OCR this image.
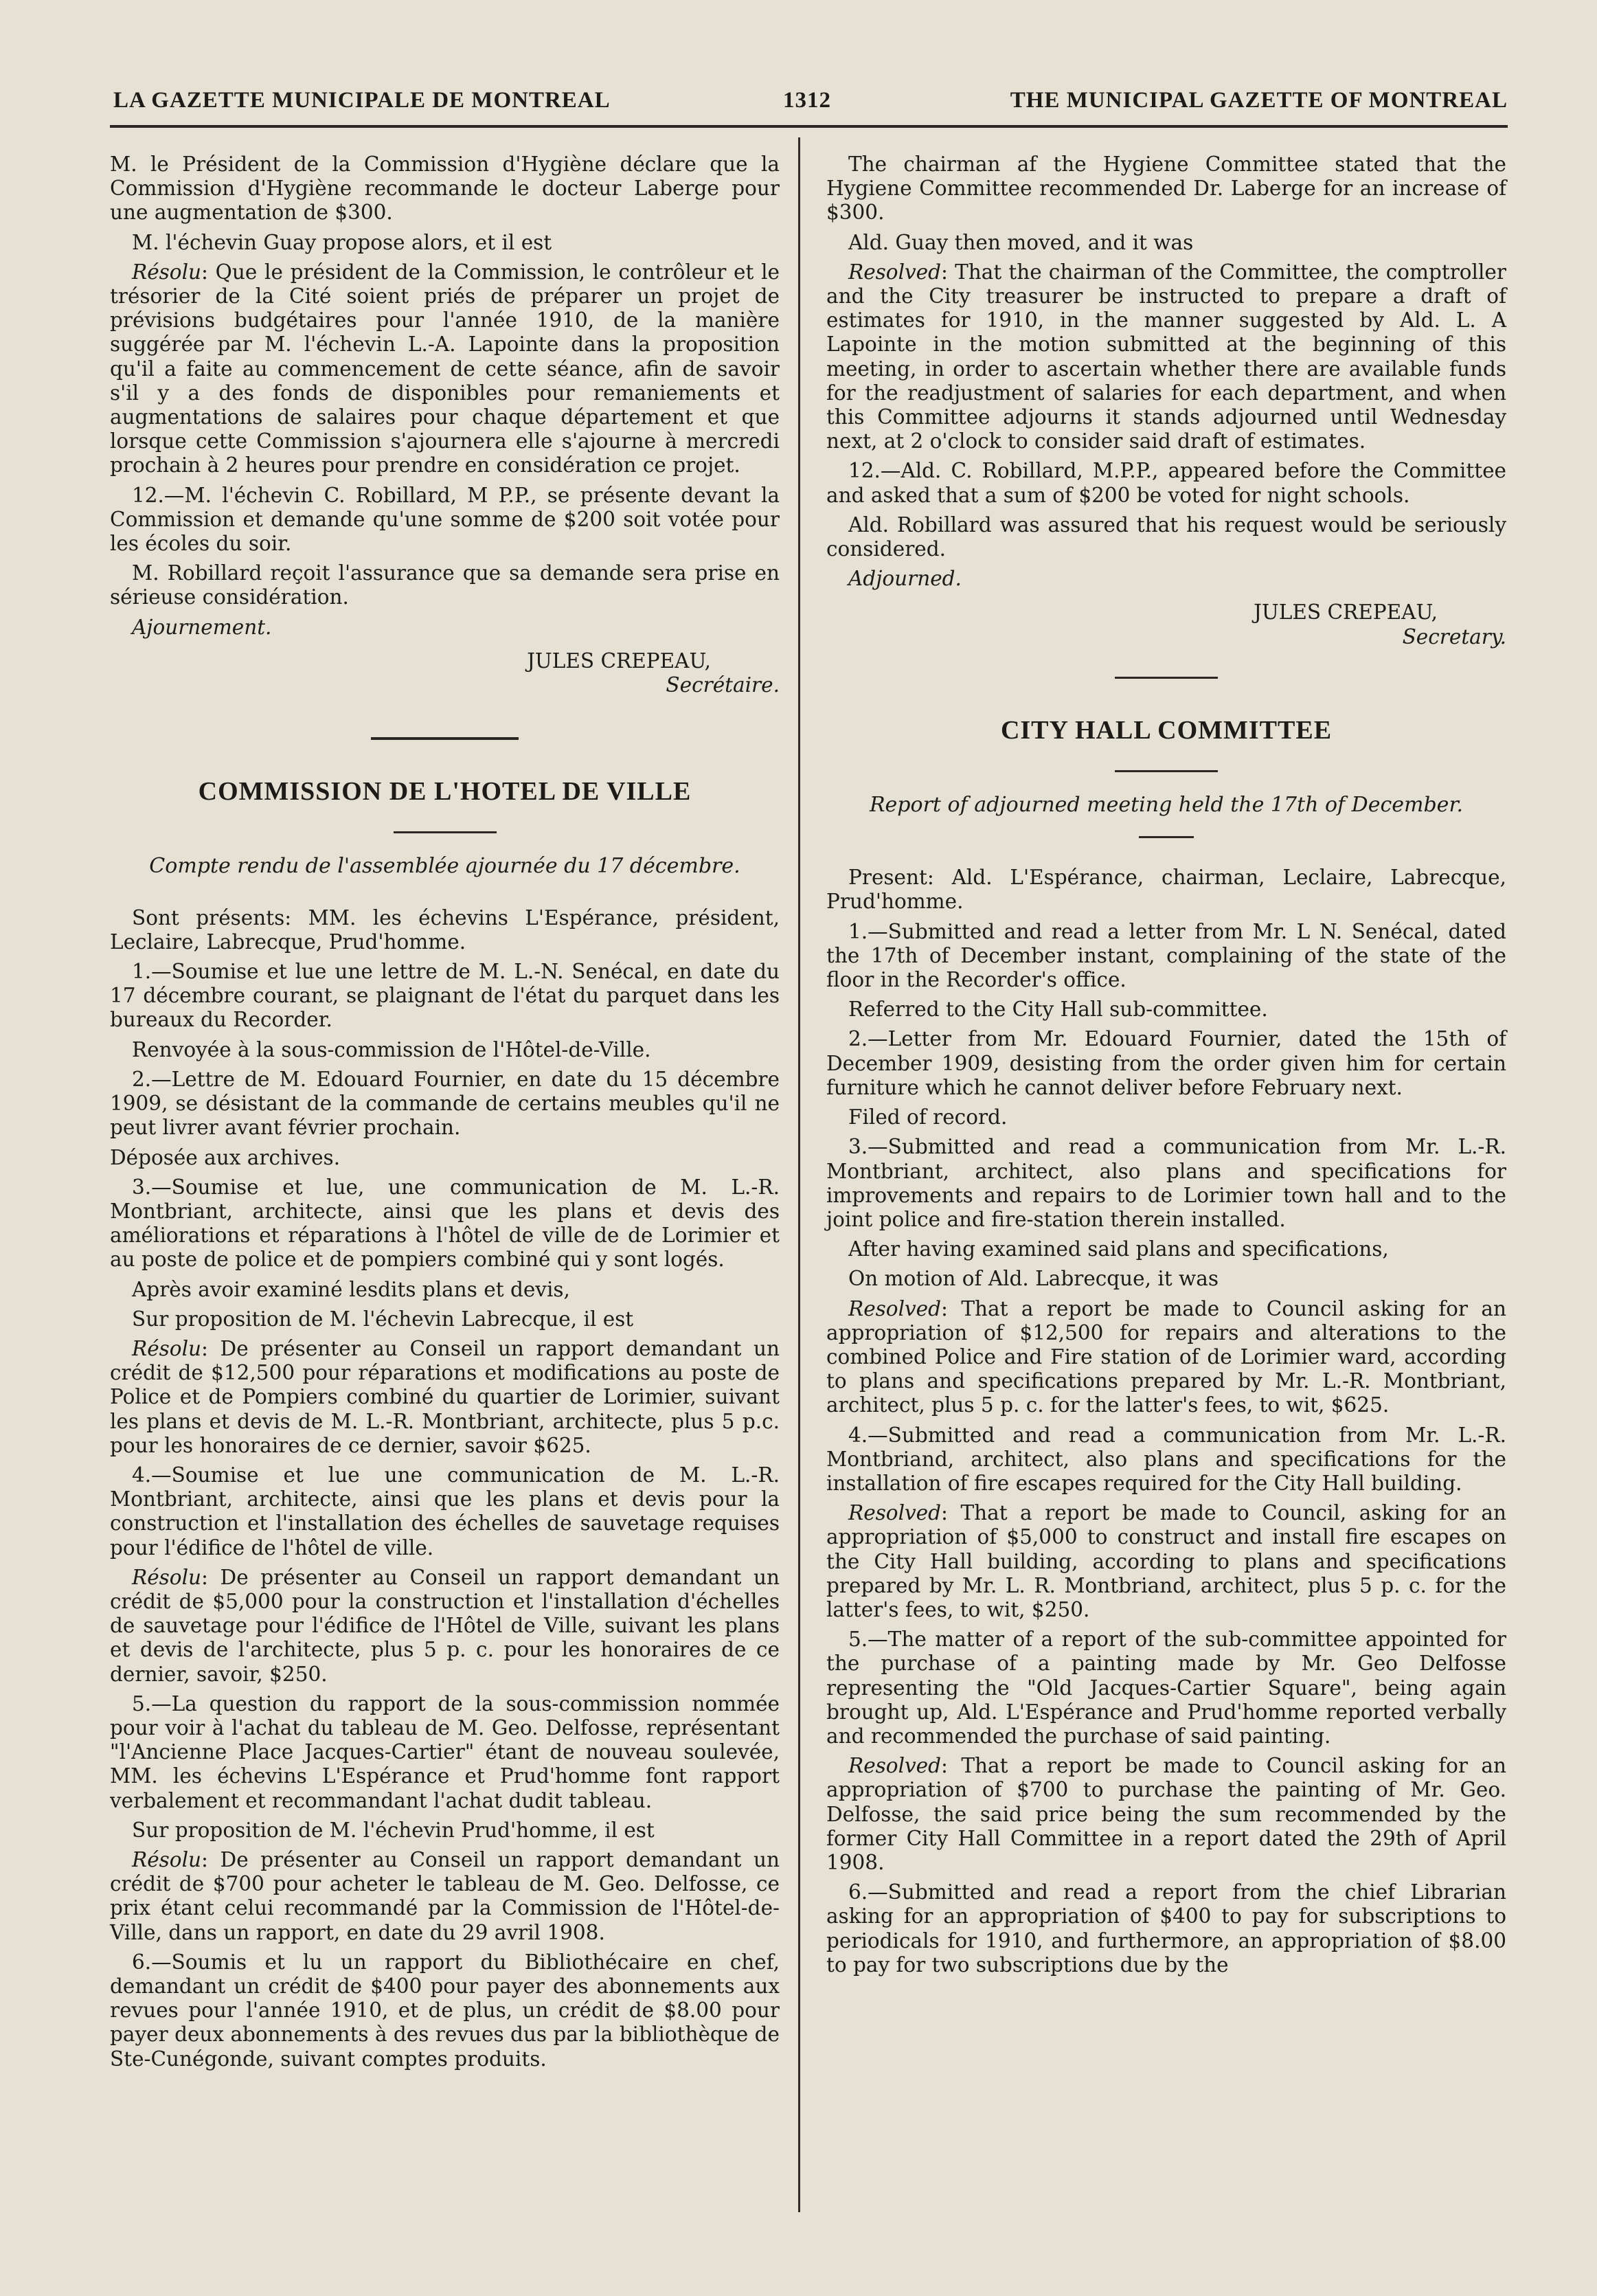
LA GAZETTE MUNICIPALE DE MONTREAL	1312	THE MUNICIPAL GAZETTE OF MONTREAL

M. le Président de la Commission d'Hygiène déclare que la Commission d'Hygiène recommande le docteur Laberge pour une augmentation de $300.

M. l'échevin Guay propose alors, et il est

Résolu: Que le président de la Commission, le contrôleur et le trésorier de la Cité soient priés de préparer un projet de prévisions budgétaires pour l'année 1910, de la manière suggérée par M. l'échevin L.-A. Lapointe dans la proposition qu'il a faite au commencement de cette séance, afin de savoir s'il y a des fonds de disponibles pour remaniements et augmentations de salaires pour chaque département et que lorsque cette Commission s'ajournera elle s'ajourne à mercredi prochain à 2 heures pour prendre en considération ce projet.

12.—M. l'échevin C. Robillard, M P.P., se présente devant la Commission et demande qu'une somme de $200 soit votée pour les écoles du soir.

M. Robillard reçoit l'assurance que sa demande sera prise en sérieuse considération.

Ajournement.
JULES CREPEAU,
Secrétaire.
COMMISSION DE L'HOTEL DE VILLE
Compte rendu de l'assemblée ajournée du 17 décembre.

Sont présents: MM. les échevins L'Espérance, président, Leclaire, Labrecque, Prud'homme.

1.—Soumise et lue une lettre de M. L.-N. Senécal, en date du 17 décembre courant, se plaignant de l'état du parquet dans les bureaux du Recorder.

Renvoyée à la sous-commission de l'Hôtel-de-Ville.

2.—Lettre de M. Edouard Fournier, en date du 15 décembre 1909, se désistant de la commande de certains meubles qu'il ne peut livrer avant février prochain.

Déposée aux archives.

3.—Soumise et lue, une communication de M. L.-R. Montbriant, architecte, ainsi que les plans et devis des améliorations et réparations à l'hôtel de ville de de Lorimier et au poste de police et de pompiers combiné qui y sont logés.

Après avoir examiné lesdits plans et devis,

Sur proposition de M. l'échevin Labrecque, il est

Résolu: De présenter au Conseil un rapport demandant un crédit de $12,500 pour réparations et modifications au poste de Police et de Pompiers combiné du quartier de Lorimier, suivant les plans et devis de M. L.-R. Montbriant, architecte, plus 5 p.c. pour les honoraires de ce dernier, savoir $625.

4.—Soumise et lue une communication de M. L.-R. Montbriant, architecte, ainsi que les plans et devis pour la construction et l'installation des échelles de sauvetage requises pour l'édifice de l'hôtel de ville.

Résolu: De présenter au Conseil un rapport demandant un crédit de $5,000 pour la construction et l'installation d'échelles de sauvetage pour l'édifice de l'Hôtel de Ville, suivant les plans et devis de l'architecte, plus 5 p. c. pour les honoraires de ce dernier, savoir, $250.

5.—La question du rapport de la sous-commission nommée pour voir à l'achat du tableau de M. Geo. Delfosse, représentant "l'Ancienne Place Jacques-Cartier" étant de nouveau soulevée, MM. les échevins L'Espérance et Prud'homme font rapport verbalement et recommandant l'achat dudit tableau.

Sur proposition de M. l'échevin Prud'homme, il est

Résolu: De présenter au Conseil un rapport demandant un crédit de $700 pour acheter le tableau de M. Geo. Delfosse, ce prix étant celui recommandé par la Commission de l'Hôtel-de-Ville, dans un rapport, en date du 29 avril 1908.

6.—Soumis et lu un rapport du Bibliothécaire en chef, demandant un crédit de $400 pour payer des abonnements aux revues pour l'année 1910, et de plus, un crédit de $8.00 pour payer deux abonnements à des revues dus par la bibliothèque de Ste-Cunégonde, suivant comptes produits.

The chairman af the Hygiene Committee stated that the Hygiene Committee recommended Dr. Laberge for an increase of $300.

Ald. Guay then moved, and it was

Resolved: That the chairman of the Committee, the comptroller and the City treasurer be instructed to prepare a draft of estimates for 1910, in the manner suggested by Ald. L. A Lapointe in the motion submitted at the beginning of this meeting, in order to ascertain whether there are available funds for the readjustment of salaries for each department, and when this Committee adjourns it stands adjourned until Wednesday next, at 2 o'clock to consider said draft of estimates.

12.—Ald. C. Robillard, M.P.P., appeared before the Committee and asked that a sum of $200 be voted for night schools.

Ald. Robillard was assured that his request would be seriously considered.

Adjourned.
JULES CREPEAU,
Secretary.
CITY HALL COMMITTEE
Report of adjourned meeting held the 17th of December.

Present: Ald. L'Espérance, chairman, Leclaire, Labrecque, Prud'homme.

1.—Submitted and read a letter from Mr. L N. Senécal, dated the 17th of December instant, complaining of the state of the floor in the Recorder's office.

Referred to the City Hall sub-committee.

2.—Letter from Mr. Edouard Fournier, dated the 15th of December 1909, desisting from the order given him for certain furniture which he cannot deliver before February next.

Filed of record.

3.—Submitted and read a communication from Mr. L.-R. Montbriant, architect, also plans and specifications for improvements and repairs to de Lorimier town hall and to the joint police and fire-station therein installed.

After having examined said plans and specifications,

On motion of Ald. Labrecque, it was

Resolved: That a report be made to Council asking for an appropriation of $12,500 for repairs and alterations to the combined Police and Fire station of de Lorimier ward, according to plans and specifications prepared by Mr. L.-R. Montbriant, architect, plus 5 p. c. for the latter's fees, to wit, $625.

4.—Submitted and read a communication from Mr. L.-R. Montbriand, architect, also plans and specifications for the installation of fire escapes required for the City Hall building.

Resolved: That a report be made to Council, asking for an appropriation of $5,000 to construct and install fire escapes on the City Hall building, according to plans and specifications prepared by Mr. L. R. Montbriand, architect, plus 5 p. c. for the latter's fees, to wit, $250.

5.—The matter of a report of the sub-committee appointed for the purchase of a painting made by Mr. Geo Delfosse representing the "Old Jacques-Cartier Square", being again brought up, Ald. L'Espérance and Prud'homme reported verbally and recommended the purchase of said painting.

Resolved: That a report be made to Council asking for an appropriation of $700 to purchase the painting of Mr. Geo. Delfosse, the said price being the sum recommended by the former City Hall Committee in a report dated the 29th of April 1908.

6.—Submitted and read a report from the chief Librarian asking for an appropriation of $400 to pay for subscriptions to periodicals for 1910, and furthermore, an appropriation of $8.00 to pay for two subscriptions due by the
